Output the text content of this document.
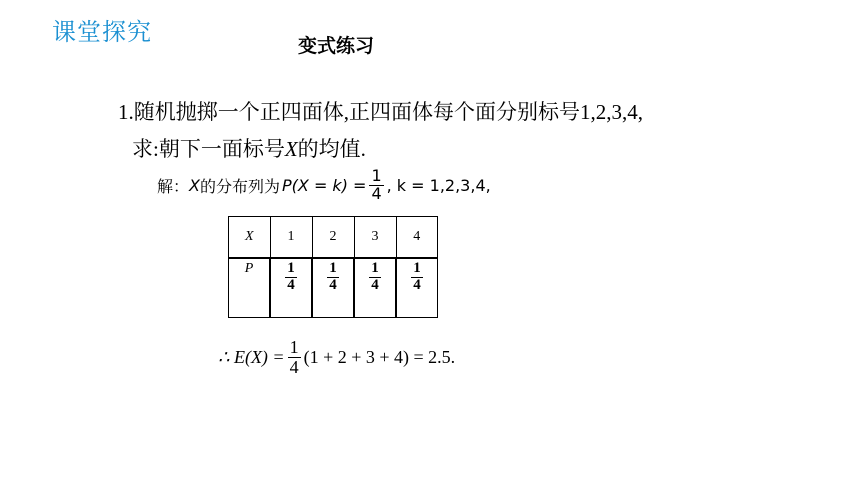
课堂探究	变式练习
1.随机抛掷一个正四面体,正四面体每个面分别标号1,2,3,4,
求:朝下一面标号X的均值.
解： X 的分布列为 $P(X = k) = \frac{1}{4}$ , k = 1,2,3,4,
X	1	2	3	4
P	$\frac{1}{4}$	$\frac{1}{4}$	$\frac{1}{4}$	$\frac{1}{4}$
∴ $E(X) = \frac{1}{4} (1 + 2 + 3 + 4) = 2.5$.
